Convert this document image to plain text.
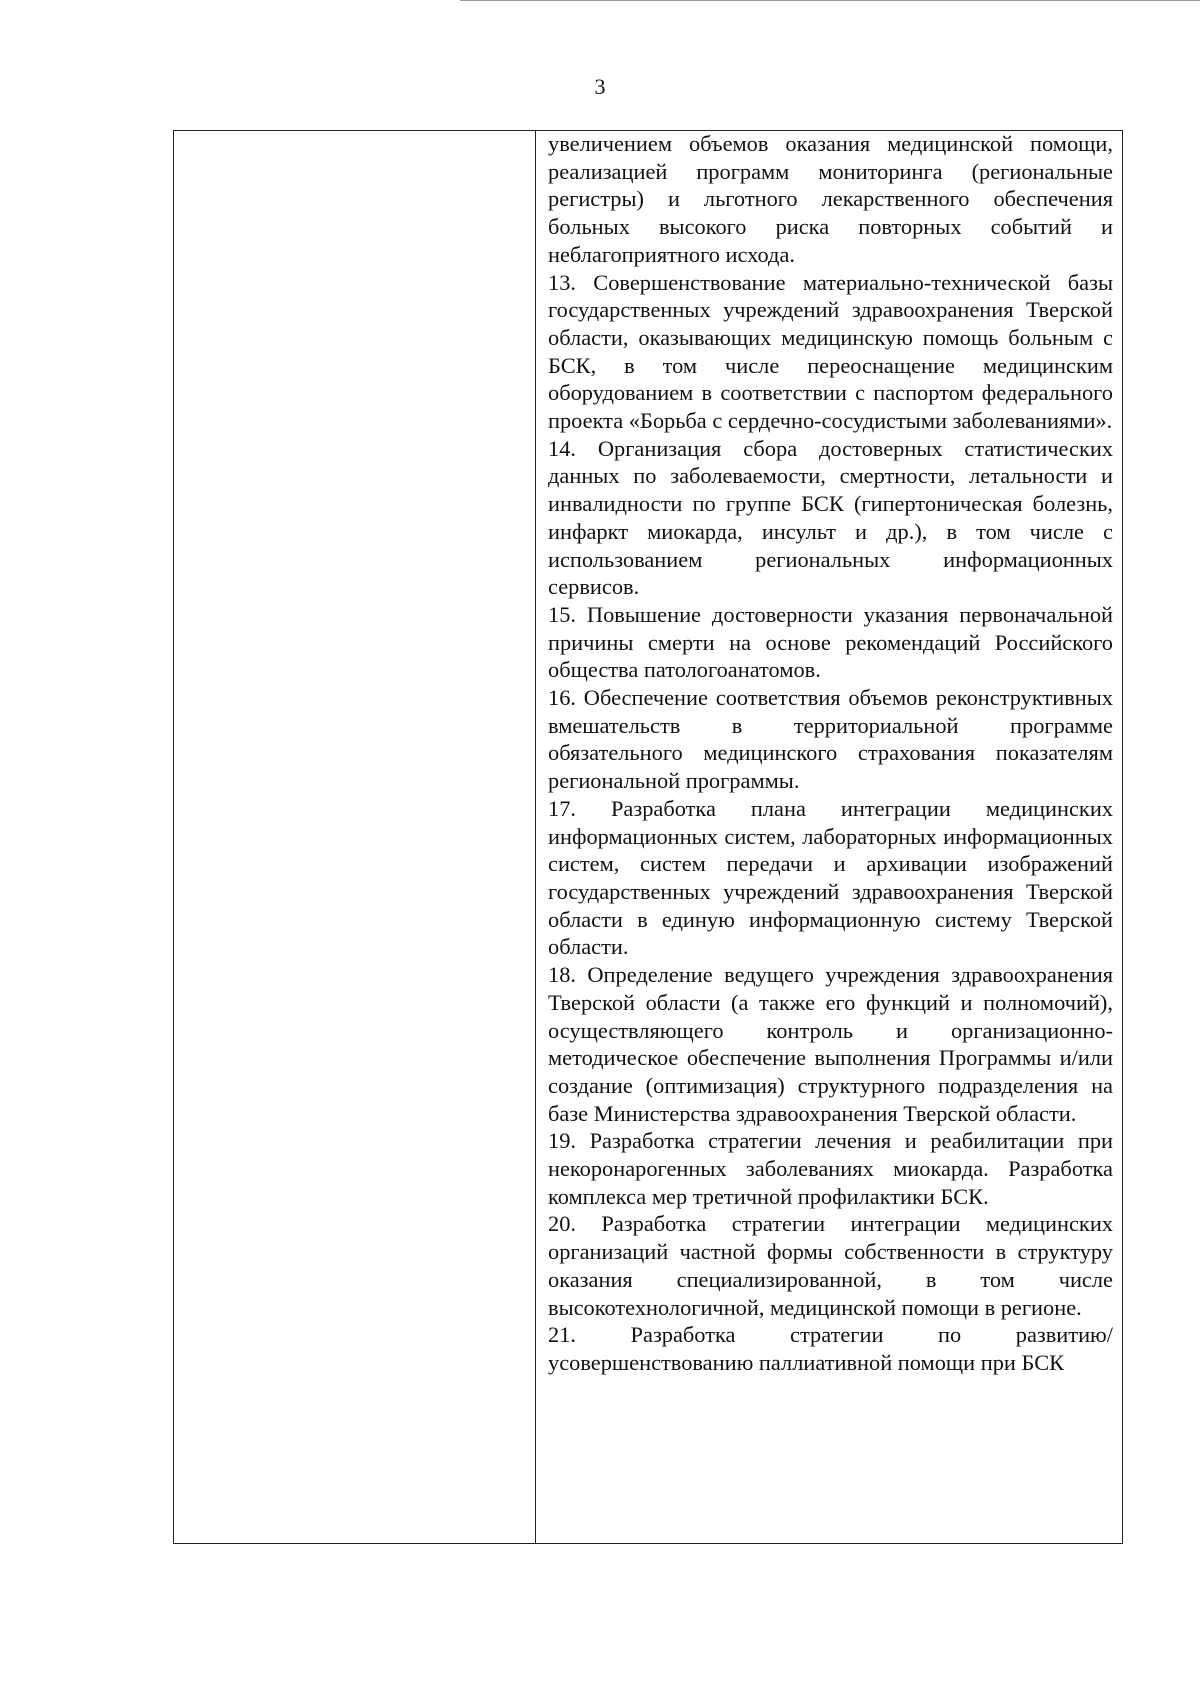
3

увеличением объемов оказания медицинской помощи, реализацией программ мониторинга (региональные регистры) и льготного лекарственного обеспечения больных высокого риска повторных событий и неблагоприятного исхода.

13. Совершенствование материально-технической базы государственных учреждений здравоохранения Тверской области, оказывающих медицинскую помощь больным с БСК, в том числе переоснащение медицинским оборудованием в соответствии с паспортом федерального проекта «Борьба с сердечно-сосудистыми заболеваниями».

14. Организация сбора достоверных статистических данных по заболеваемости, смертности, летальности и инвалидности по группе БСК (гипертоническая болезнь, инфаркт миокарда, инсульт и др.), в том числе с использованием региональных информационных сервисов.

15. Повышение достоверности указания первоначальной причины смерти на основе рекомендаций Российского общества патологоанатомов.

16. Обеспечение соответствия объемов реконструктивных вмешательств в территориальной программе обязательного медицинского страхования показателям региональной программы.

17. Разработка плана интеграции медицинских информационных систем, лабораторных информационных систем, систем передачи и архивации изображений государственных учреждений здравоохранения Тверской области в единую информационную систему Тверской области.

18. Определение ведущего учреждения здравоохранения Тверской области (а также его функций и полномочий), осуществляющего контроль и организационно-методическое обеспечение выполнения Программы и/или создание (оптимизация) структурного подразделения на базе Министерства здравоохранения Тверской области.

19. Разработка стратегии лечения и реабилитации при некоронарогенных заболеваниях миокарда. Разработка комплекса мер третичной профилактики БСК.

20. Разработка стратегии интеграции медицинских организаций частной формы собственности в структуру оказания специализированной, в том числе высокотехнологичной, медицинской помощи в регионе.

21. Разработка стратегии по развитию/усовершенствованию паллиативной помощи при БСК
